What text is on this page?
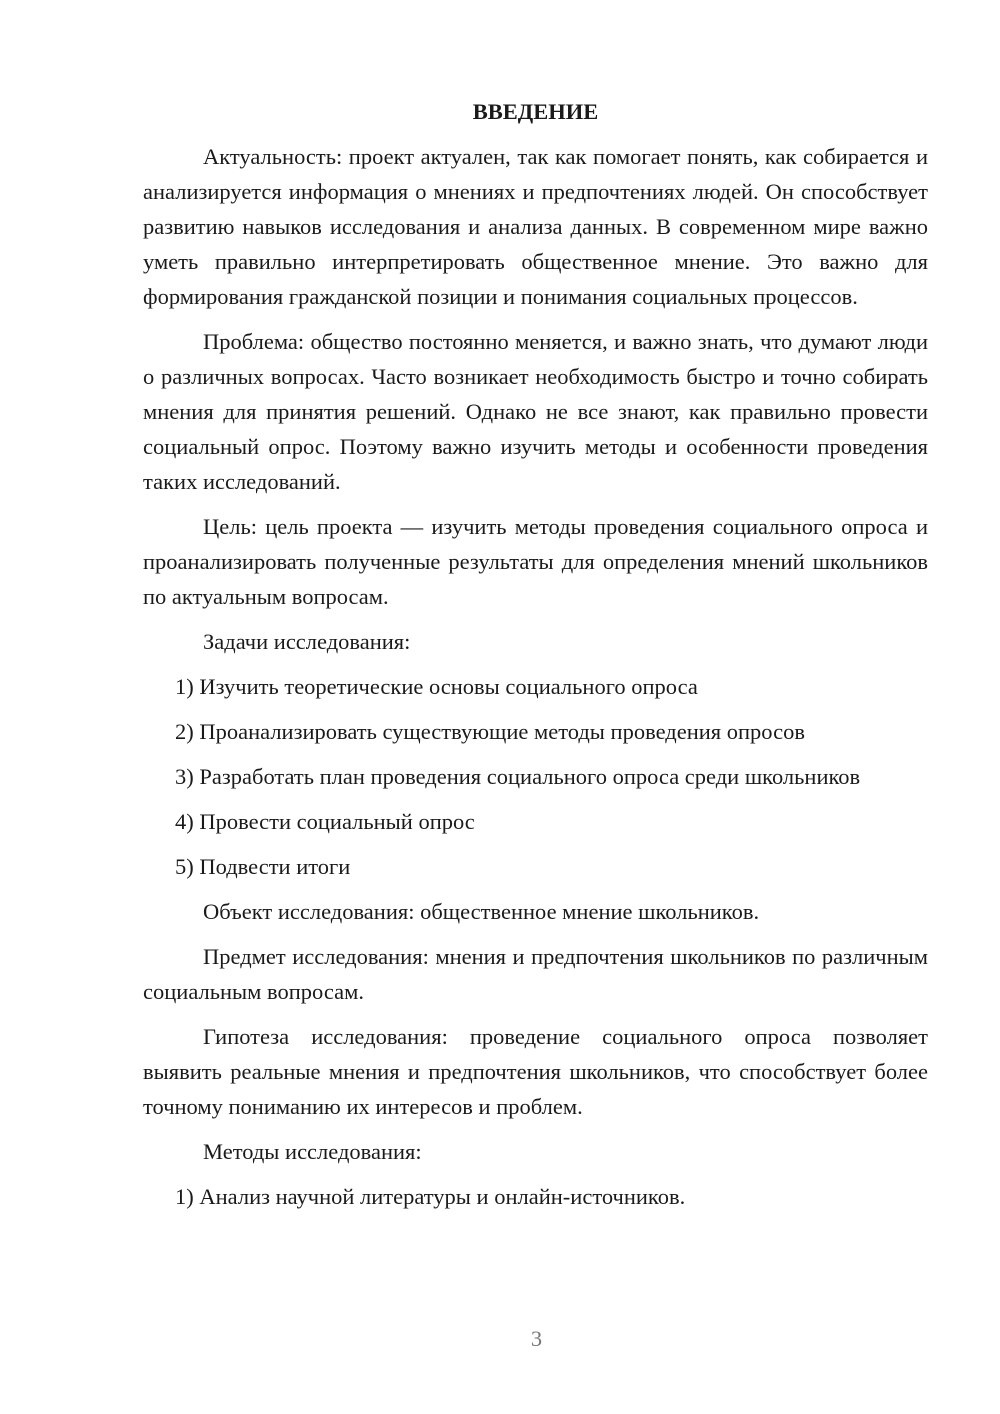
ВВЕДЕНИЕ

Актуальность: проект актуален, так как помогает понять, как собирается и анализируется информация о мнениях и предпочтениях людей. Он способствует развитию навыков исследования и анализа данных. В современном мире важно уметь правильно интерпретировать общественное мнение. Это важно для формирования гражданской позиции и понимания социальных процессов.

Проблема: общество постоянно меняется, и важно знать, что думают люди о различных вопросах. Часто возникает необходимость быстро и точно собирать мнения для принятия решений. Однако не все знают, как правильно провести социальный опрос. Поэтому важно изучить методы и особенности проведения таких исследований.

Цель: цель проекта — изучить методы проведения социального опроса и проанализировать полученные результаты для определения мнений школьников по актуальным вопросам.

Задачи исследования:

1) Изучить теоретические основы социального опроса

2) Проанализировать существующие методы проведения опросов

3) Разработать план проведения социального опроса среди школьников

4) Провести социальный опрос

5) Подвести итоги

Объект исследования: общественное мнение школьников.

Предмет исследования: мнения и предпочтения школьников по различным социальным вопросам.

Гипотеза исследования: проведение социального опроса позволяет выявить реальные мнения и предпочтения школьников, что способствует более точному пониманию их интересов и проблем.

Методы исследования:

1) Анализ научной литературы и онлайн-источников.

3
